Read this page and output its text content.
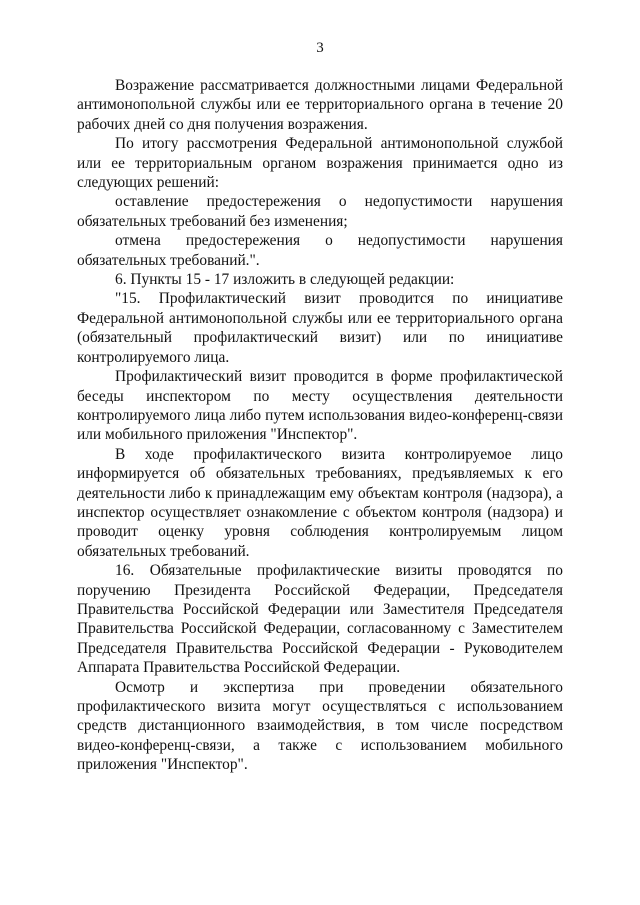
3

Возражение рассматривается должностными лицами Федеральной антимонопольной службы или ее территориального органа в течение 20 рабочих дней со дня получения возражения.

По итогу рассмотрения Федеральной антимонопольной службой или ее территориальным органом возражения принимается одно из следующих решений:

оставление предостережения о недопустимости нарушения обязательных требований без изменения;

отмена предостережения о недопустимости нарушения обязательных требований.".

6. Пункты 15 - 17 изложить в следующей редакции:

"15. Профилактический визит проводится по инициативе Федеральной антимонопольной службы или ее территориального органа (обязательный профилактический визит) или по инициативе контролируемого лица.

Профилактический визит проводится в форме профилактической беседы инспектором по месту осуществления деятельности контролируемого лица либо путем использования видео-конференц-связи или мобильного приложения "Инспектор".

В ходе профилактического визита контролируемое лицо информируется об обязательных требованиях, предъявляемых к его деятельности либо к принадлежащим ему объектам контроля (надзора), а инспектор осуществляет ознакомление с объектом контроля (надзора) и проводит оценку уровня соблюдения контролируемым лицом обязательных требований.

16. Обязательные профилактические визиты проводятся по поручению Президента Российской Федерации, Председателя Правительства Российской Федерации или Заместителя Председателя Правительства Российской Федерации, согласованному с Заместителем Председателя Правительства Российской Федерации - Руководителем Аппарата Правительства Российской Федерации.

Осмотр и экспертиза при проведении обязательного профилактического визита могут осуществляться с использованием средств дистанционного взаимодействия, в том числе посредством видео-конференц-связи, а также с использованием мобильного приложения "Инспектор".
